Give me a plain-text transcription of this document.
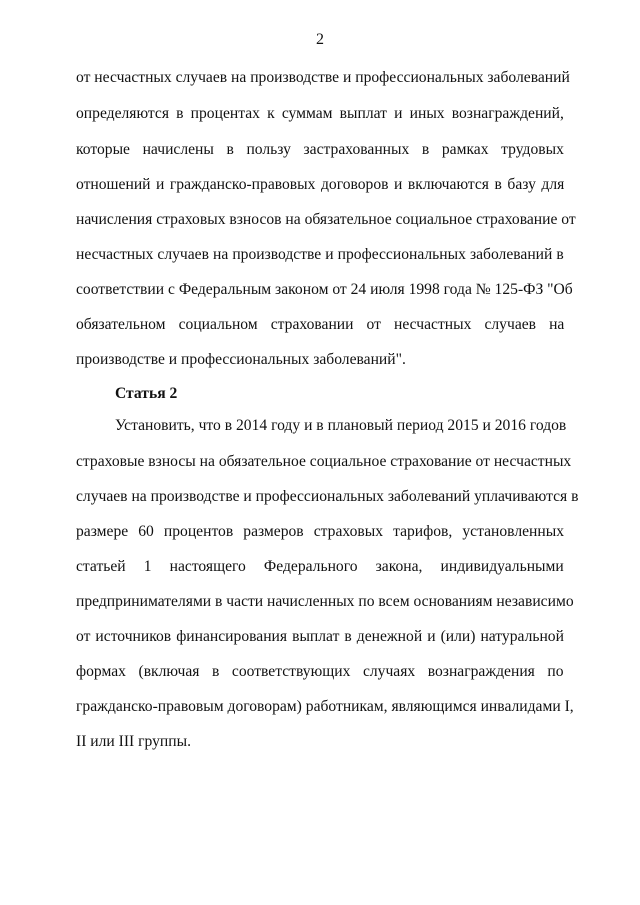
2
от несчастных случаев на производстве и профессиональных заболеваний
определяются в процентах к суммам выплат и иных вознаграждений,
которые начислены в пользу застрахованных в рамках трудовых
отношений и гражданско-правовых договоров и включаются в базу для
начисления страховых взносов на обязательное социальное страхование от
несчастных случаев на производстве и профессиональных заболеваний в
соответствии с Федеральным законом от 24 июля 1998 года № 125-ФЗ "Об
обязательном социальном страховании от несчастных случаев на
производстве и профессиональных заболеваний".
Статья 2
Установить, что в 2014 году и в плановый период 2015 и 2016 годов
страховые взносы на обязательное социальное страхование от несчастных
случаев на производстве и профессиональных заболеваний уплачиваются в
размере 60 процентов размеров страховых тарифов, установленных
статьей 1 настоящего Федерального закона, индивидуальными
предпринимателями в части начисленных по всем основаниям независимо
от источников финансирования выплат в денежной и (или) натуральной
формах (включая в соответствующих случаях вознаграждения по
гражданско-правовым договорам) работникам, являющимся инвалидами I,
II или III группы.
